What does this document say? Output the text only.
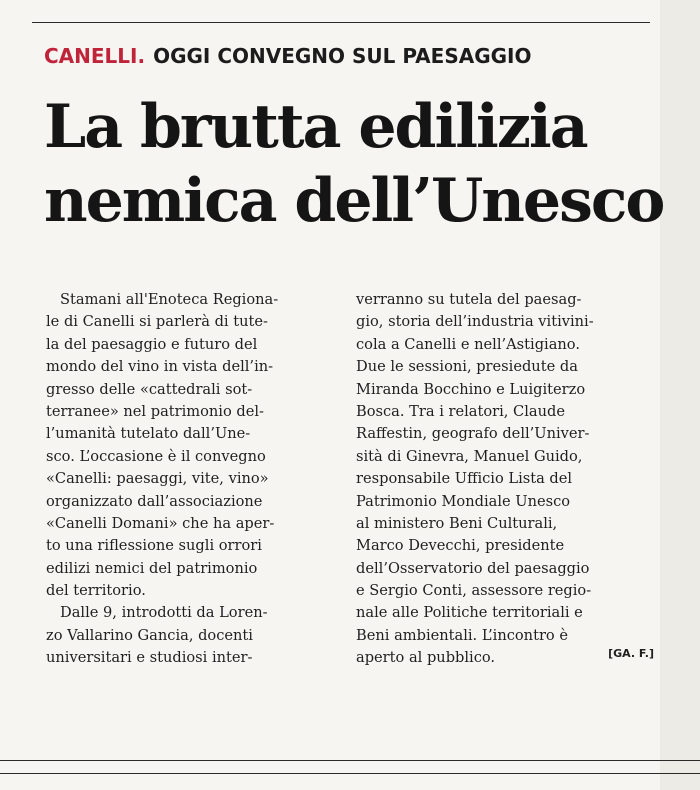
CANELLI. OGGI CONVEGNO SUL PAESAGGIO
La brutta edilizia
nemica dell’Unesco
Stamani all'Enoteca Regiona-
le di Canelli si parlerà di tute-
la del paesaggio e futuro del
mondo del vino in vista dell’in-
gresso delle «cattedrali sot-
terranee» nel patrimonio del-
l’umanità tutelato dall’Une-
sco. L’occasione è il convegno
«Canelli: paesaggi, vite, vino»
organizzato dall’associazione
«Canelli Domani» che ha aper-
to una riflessione sugli orrori
edilizi nemici del patrimonio
del territorio.
Dalle 9, introdotti da Loren-
zo Vallarino Gancia, docenti
universitari e studiosi inter-
verranno su tutela del paesag-
gio, storia dell’industria vitivini-
cola a Canelli e nell’Astigiano.
Due le sessioni, presiedute da
Miranda Bocchino e Luigiterzo
Bosca. Tra i relatori, Claude
Raffestin, geografo dell’Univer-
sità di Ginevra, Manuel Guido,
responsabile Ufficio Lista del
Patrimonio Mondiale Unesco
al ministero Beni Culturali,
Marco Devecchi, presidente
dell’Osservatorio del paesaggio
e Sergio Conti, assessore regio-
nale alle Politiche territoriali e
Beni ambientali. L’incontro è
aperto al pubblico.	[GA. F.]
